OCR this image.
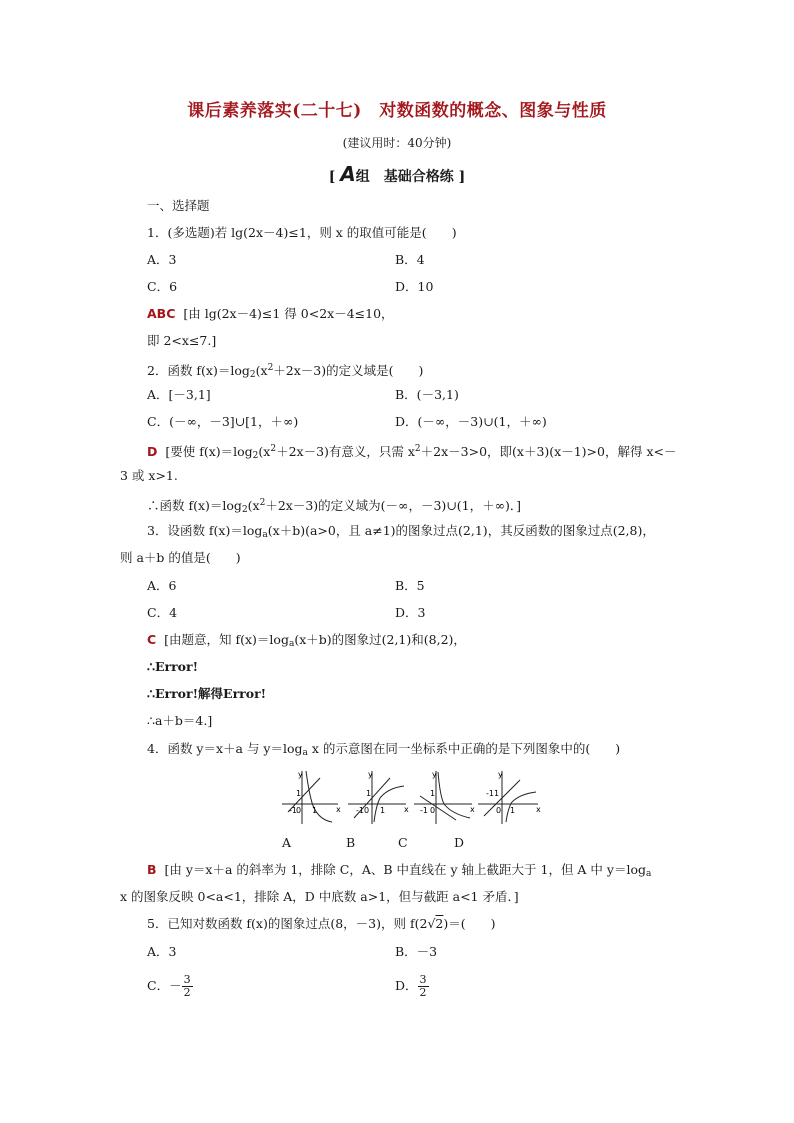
课后素养落实(二十七)　对数函数的概念、图象与性质
(建议用时：40分钟)
[ A组　基础合格练 ]
一、选择题
1．(多选题)若 lg(2x－4)≤1，则 x 的取值可能是(　　)
A．3	B．4
C．6	D．10
ABC [由 lg(2x－4)≤1 得 0<2x－4≤10，
即 2<x≤7.]
2．函数 $f(x)=\log_2(x^2+2x-3)$的定义域是(　　)
A．[－3,1]	B．(－3,1)
C．(－∞，－3]∪[1，＋∞)	D．(－∞，－3)∪(1，＋∞)
D [要使 $f(x)=\log_2(x^2+2x-3)$有意义，只需 $x^2+2x-3>0$，即(x＋3)(x－1)>0，解得 x<－
3 或 x>1.
∴函数 $f(x)=\log_2(x^2+2x-3)$的定义域为(－∞，－3)∪(1，＋∞)．]
3．设函数 $f(x)=\log_a(x+b)(a>0$，且 a≠1)的图象过点(2,1)，其反函数的图象过点(2,8)，
则 a＋b 的值是(　　)
A．6	B．5
C．4	D．3
C [由题意，知 $f(x)=\log_a(x+b)$的图象过(2,1)和(8,2)，
∴Error!
∴Error!解得Error!
∴a＋b＝4.]
4．函数 y＝x＋a 与 $y=\log_a$ x 的示意图在同一坐标系中正确的是下列图象中的(　　)
y
x
1
-1 0 1
y
x
1
-1 0 1
y
x
1
-1 0
y
x
-1 1
0 1
A	B	C	D
B [由 y＝x＋a 的斜率为 1，排除 C，A、B 中直线在 y 轴上截距大于 1，但 A 中 $y=\log_a$
x 的图象反映 0<a<1，排除 A，D 中底数 a>1，但与截距 a<1 矛盾．]
5．已知对数函数 f(x)的图象过点(8，－3)，则 f(2√2)＝(　　)
A．3	B．－3
C．－ $\frac{3}{2}$	D． $\frac{3}{2}$
